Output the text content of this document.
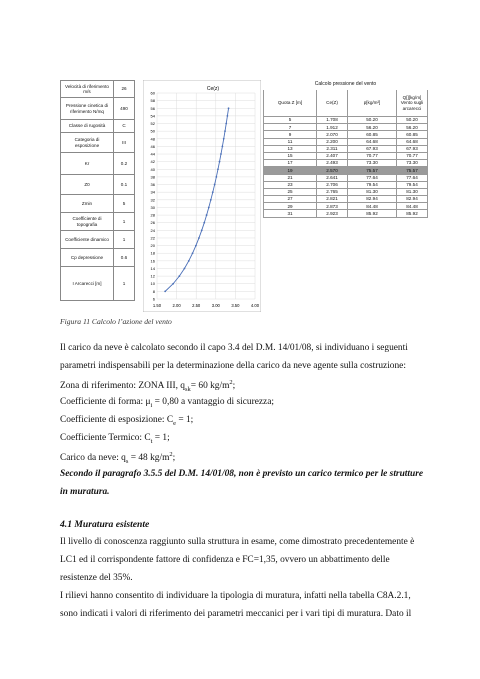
Velocità di riferimento m/s	26
Pressione cinetica di riferimento N/mq	490
Classe di rugosità	C
Categoria di esposizione	III
Kr	0.2
Z0	0.1
Zmin	5
Coefficiente di topografia	1
Coefficiente dinamico	1
Cp depressione	0.6
I Arcarecci [m]	1
Ce(z)
6
8
10
12
14
16
18
20
22
24
26
28
30
32
34
36
38
40
42
44
46
48
50
52
54
56
58
60
1.50	2.00	2.50	3.00	3.50	4.00
Calcolo pressione del vento			
Quota Z [m]	Ce(Z)	p[kg/m²]	Q[][kg/m] Vento sugli arcarecci
5	1.708	50.20	50.20
7	1.912	56.20	56.20
9	2.070	60.85	60.85
11	2.200	64.68	64.68
13	2.311	67.93	67.93
15	2.407	70.77	70.77
17	2.493	73.30	73.30
19	2.570	75.57	75.57
21	2.641	77.64	77.64
23	2.706	79.54	79.54
25	2.765	81.30	81.30
27	2.821	82.94	82.94
29	2.873	84.48	84.48
31	2.923	85.92	85.92
Figura 11 Calcolo l’azione del vento
Il carico da neve è calcolato secondo il capo 3.4 del D.M. 14/01/08, si individuano i seguenti
parametri indispensabili per la determinazione della carico da neve agente sulla costruzione:
Zona di riferimento: ZONA III, $q_{sk}= 60$ $kg/m^2$;
Coefficiente di forma: $\mu_i = 0,80$ a vantaggio di sicurezza;
Coefficiente di esposizione: $C_e = 1$;
Coefficiente Termico: $C_t = 1$;
Carico da neve: $q_s = 48$ $kg/m^2$;
Secondo il paragrafo 3.5.5 del D.M. 14/01/08, non è previsto un carico termico per le strutture
in muratura.
4.1 Muratura esistente
Il livello di conoscenza raggiunto sulla struttura in esame, come dimostrato precedentemente è
LC1 ed il corrispondente fattore di confidenza e FC=1,35, ovvero un abbattimento delle
resistenze del 35%.
I rilievi hanno consentito di individuare la tipologia di muratura, infatti nella tabella C8A.2.1,
sono indicati i valori di riferimento dei parametri meccanici per i vari tipi di muratura. Dato il
